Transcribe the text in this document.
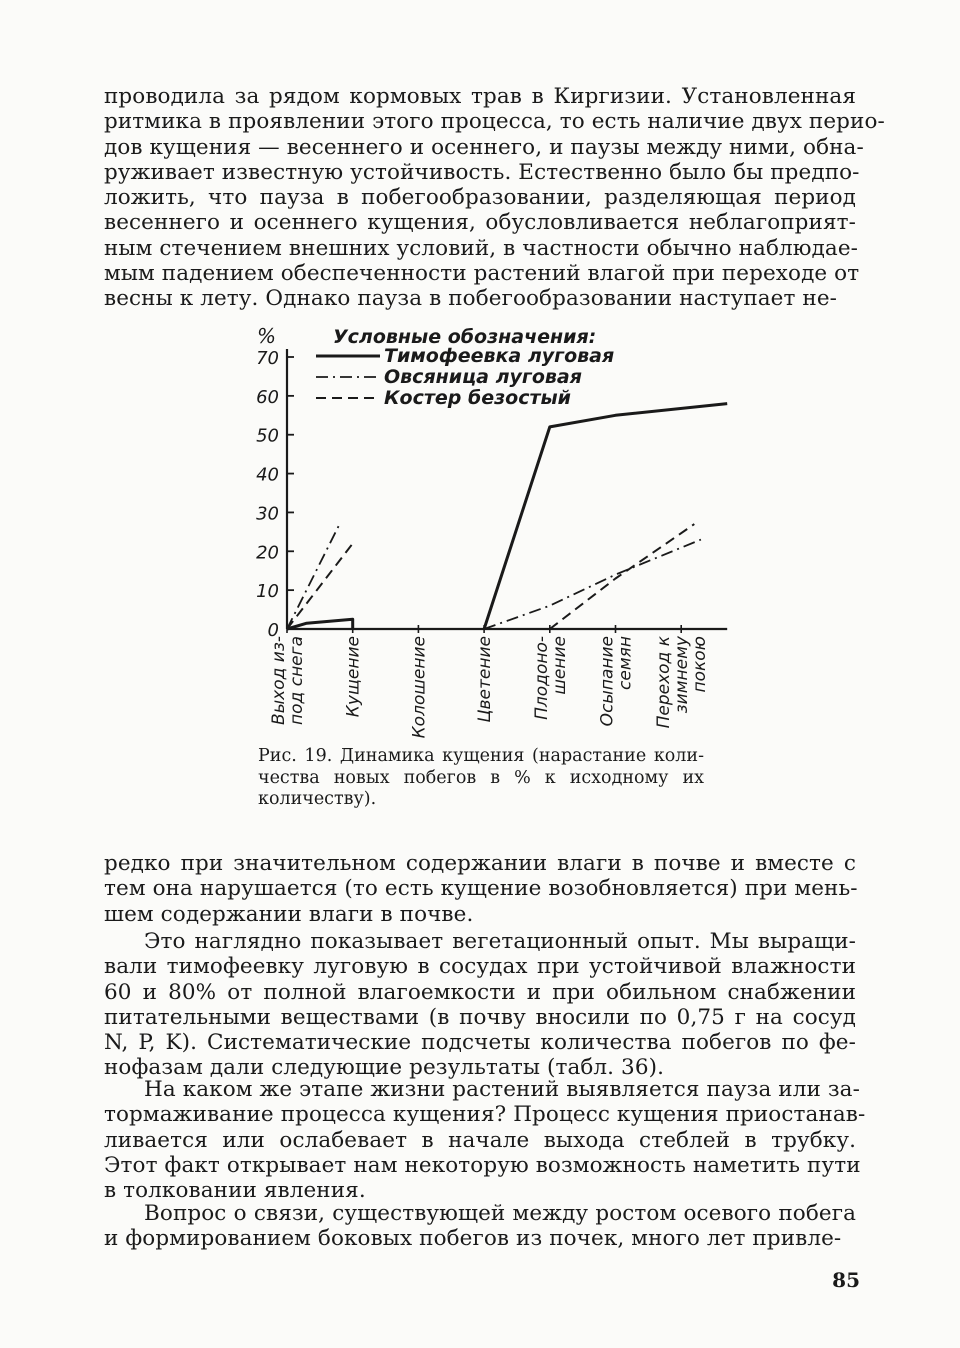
проводила за рядом кормовых трав в Киргизии. Установленная
ритмика в проявлении этого процесса, то есть наличие двух перио-
дов кущения — весеннего и осеннего, и паузы между ними, обна-
руживает известную устойчивость. Естественно было бы предпо-
ложить, что пауза в побегообразовании, разделяющая период
весеннего и осеннего кущения, обусловливается неблагоприят-
ным стечением внешних условий, в частности обычно наблюдае-
мым падением обеспеченности растений влагой при переходе от
весны к лету. Однако пауза в побегообразовании наступает не-
%
0
10
20
30
40
50
60
70
Выход из-
под снега Кущение	Колошение	Цветение Плодоно-
шение Осыпание
семян Переход к
зимнему
покою
Условные обозначения:
Тимофеевка луговая
Овсяница луговая
Костер безостый
Рис. 19. Динамика кущения (нарастание коли-
чества новых побегов в % к исходному их
количеству).
редко при значительном содержании влаги в почве и вместе с
тем она нарушается (то есть кущение возобновляется) при мень-
шем содержании влаги в почве.
Это наглядно показывает вегетационный опыт. Мы выращи-
вали тимофеевку луговую в сосудах при устойчивой влажности
60 и 80% от полной влагоемкости и при обильном снабжении
питательными веществами (в почву вносили по 0,75 г на сосуд
N, P, K). Систематические подсчеты количества побегов по фе-
нофазам дали следующие результаты (табл. 36).
На каком же этапе жизни растений выявляется пауза или за-
тормаживание процесса кущения? Процесс кущения приостанав-
ливается или ослабевает в начале выхода стеблей в трубку.
Этот факт открывает нам некоторую возможность наметить пути
в толковании явления.
Вопрос о связи, существующей между ростом осевого побега
и формированием боковых побегов из почек, много лет привле-
85
